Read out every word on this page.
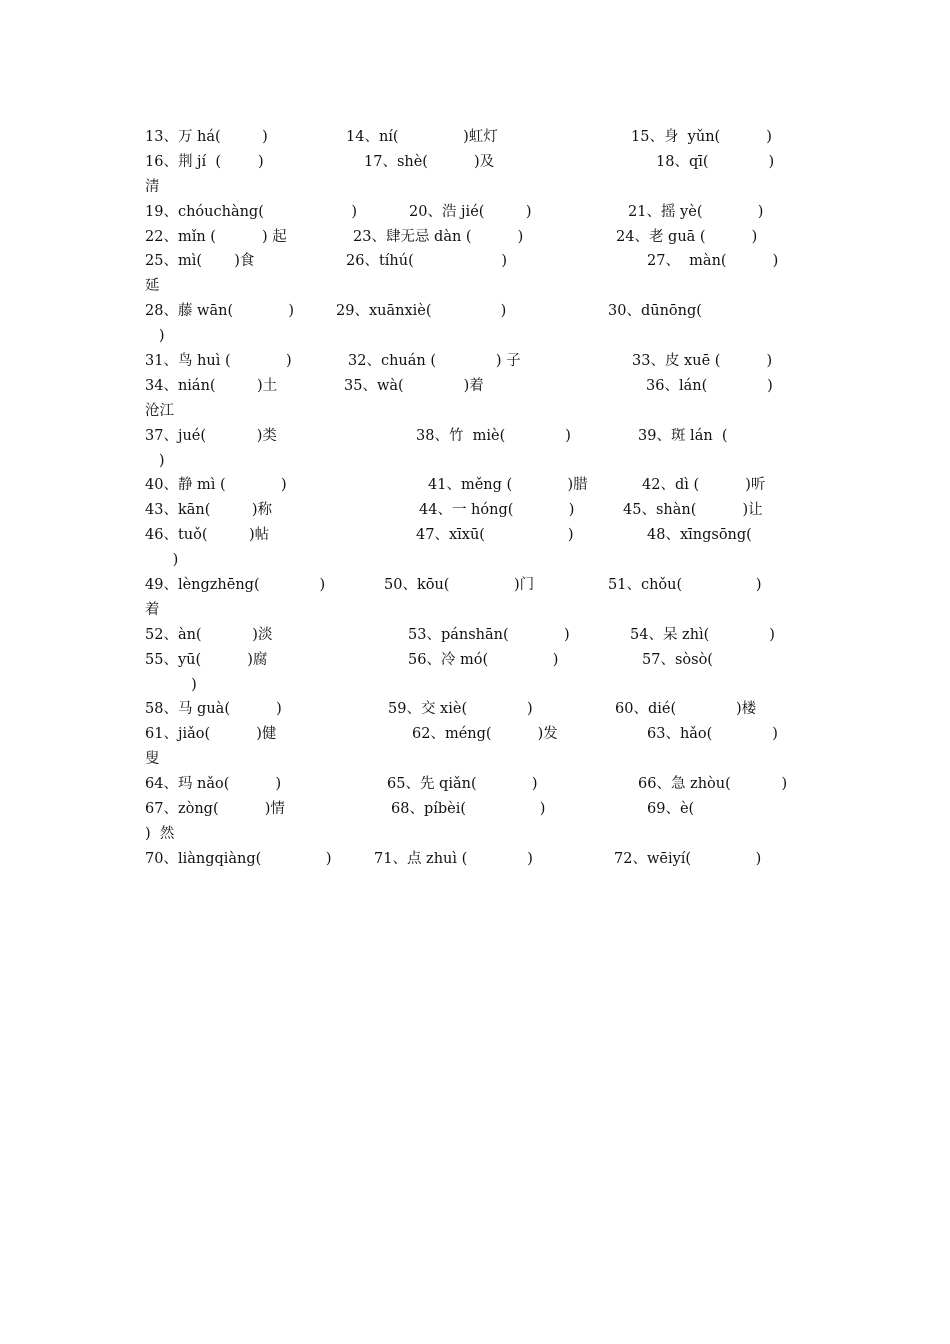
13、万 há(         )	14、ní(              )虹灯	15、身  yǔn(          )
16、荆 jí  (        )	17、shè(          )及	18、qī(             )
清
19、chóuchàng(                   )	20、浩 jié(         )	21、摇 yè(            )
22、mǐn (          ) 起	23、肆无忌 dàn (          )	24、老 guā (          )
25、mì(       )食	26、tíhú(                   )	27、  màn(          )
延
28、藤 wān(            )	29、xuānxiè(               )	30、dūnōng(
)
31、鸟 huì (            )	32、chuán (             ) 子	33、皮 xuē (          )
34、nián(         )土	35、wà(             )着	36、lán(             )
沧江
37、jué(           )类	38、竹  miè(             )	39、斑 lán  (
)
40、静 mì (            )	41、měng (            )腊	42、dì (          )听
43、kān(         )称	44、一 hóng(            )	45、shàn(          )让
46、tuǒ(         )帖	47、xīxū(                  )	48、xīngsōng(
)
49、lèngzhēng(             )	50、kōu(              )门	51、chǒu(                )
着
52、àn(           )淡	53、pánshān(            )	54、呆 zhì(             )
55、yū(          )腐	56、冷 mó(              )	57、sòsò(
)
58、马 guà(          )	59、交 xiè(             )	60、dié(             )楼
61、jiǎo(          )健	62、méng(          )发	63、hǎo(             )
叟
64、玛 nǎo(          )	65、先 qiǎn(            )	66、急 zhòu(           )
67、zòng(          )情	68、píbèi(                )	69、è(
)  然
70、liàngqiàng(              )	71、点 zhuì (             )	72、wēiyí(              )
